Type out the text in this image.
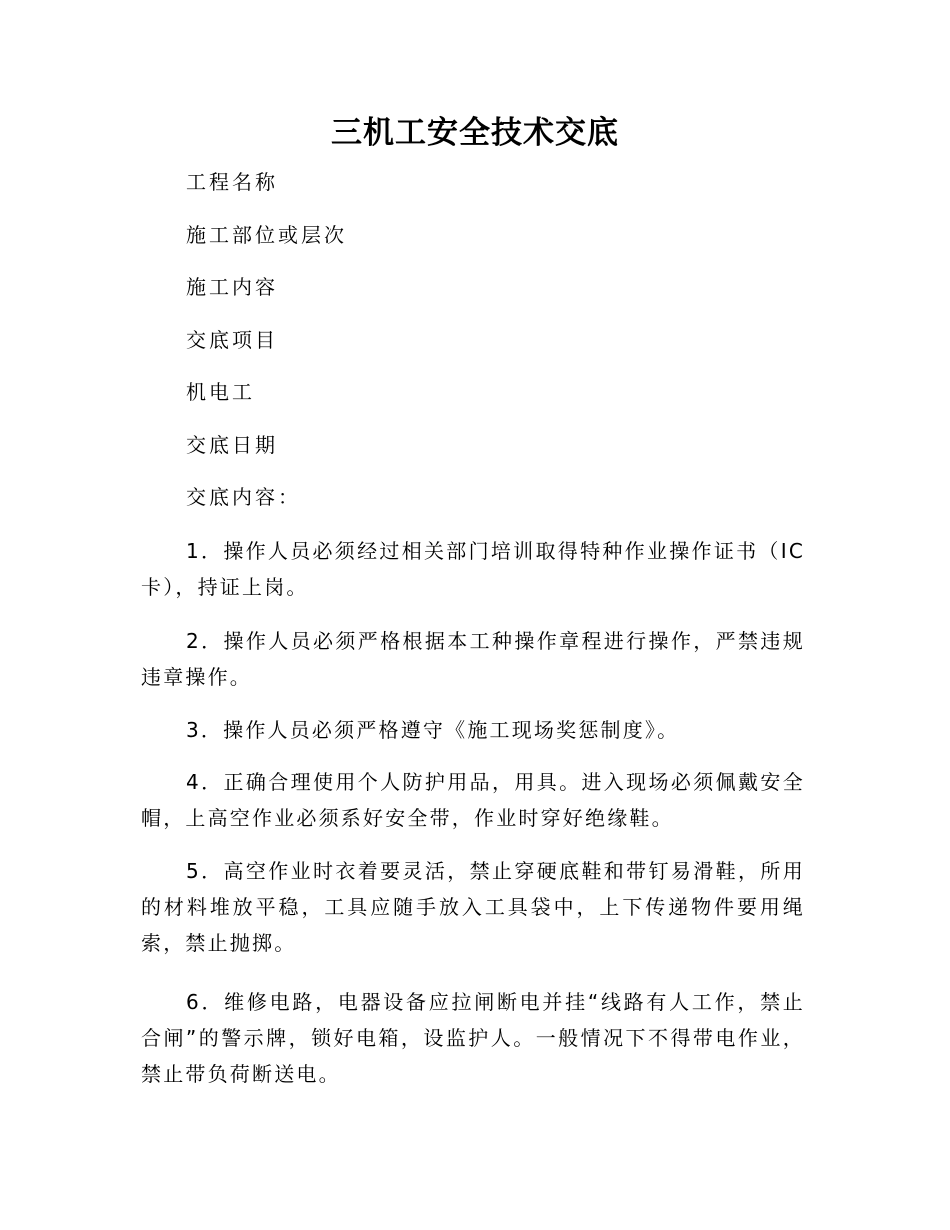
三机工安全技术交底
工程名称
施工部位或层次
施工内容
交底项目
机电工
交底日期
交底内容：
1．操作人员必须经过相关部门培训取得特种作业操作证书（IC卡），持证上岗。
2．操作人员必须严格根据本工种操作章程进行操作，严禁违规违章操作。
3．操作人员必须严格遵守《施工现场奖惩制度》。
4．正确合理使用个人防护用品，用具。进入现场必须佩戴安全帽，上高空作业必须系好安全带，作业时穿好绝缘鞋。
5．高空作业时衣着要灵活，禁止穿硬底鞋和带钉易滑鞋，所用的材料堆放平稳，工具应随手放入工具袋中，上下传递物件要用绳索，禁止抛掷。
6．维修电路，电器设备应拉闸断电并挂“线路有人工作，禁止合闸”的警示牌，锁好电箱，设监护人。一般情况下不得带电作业，禁止带负荷断送电。
